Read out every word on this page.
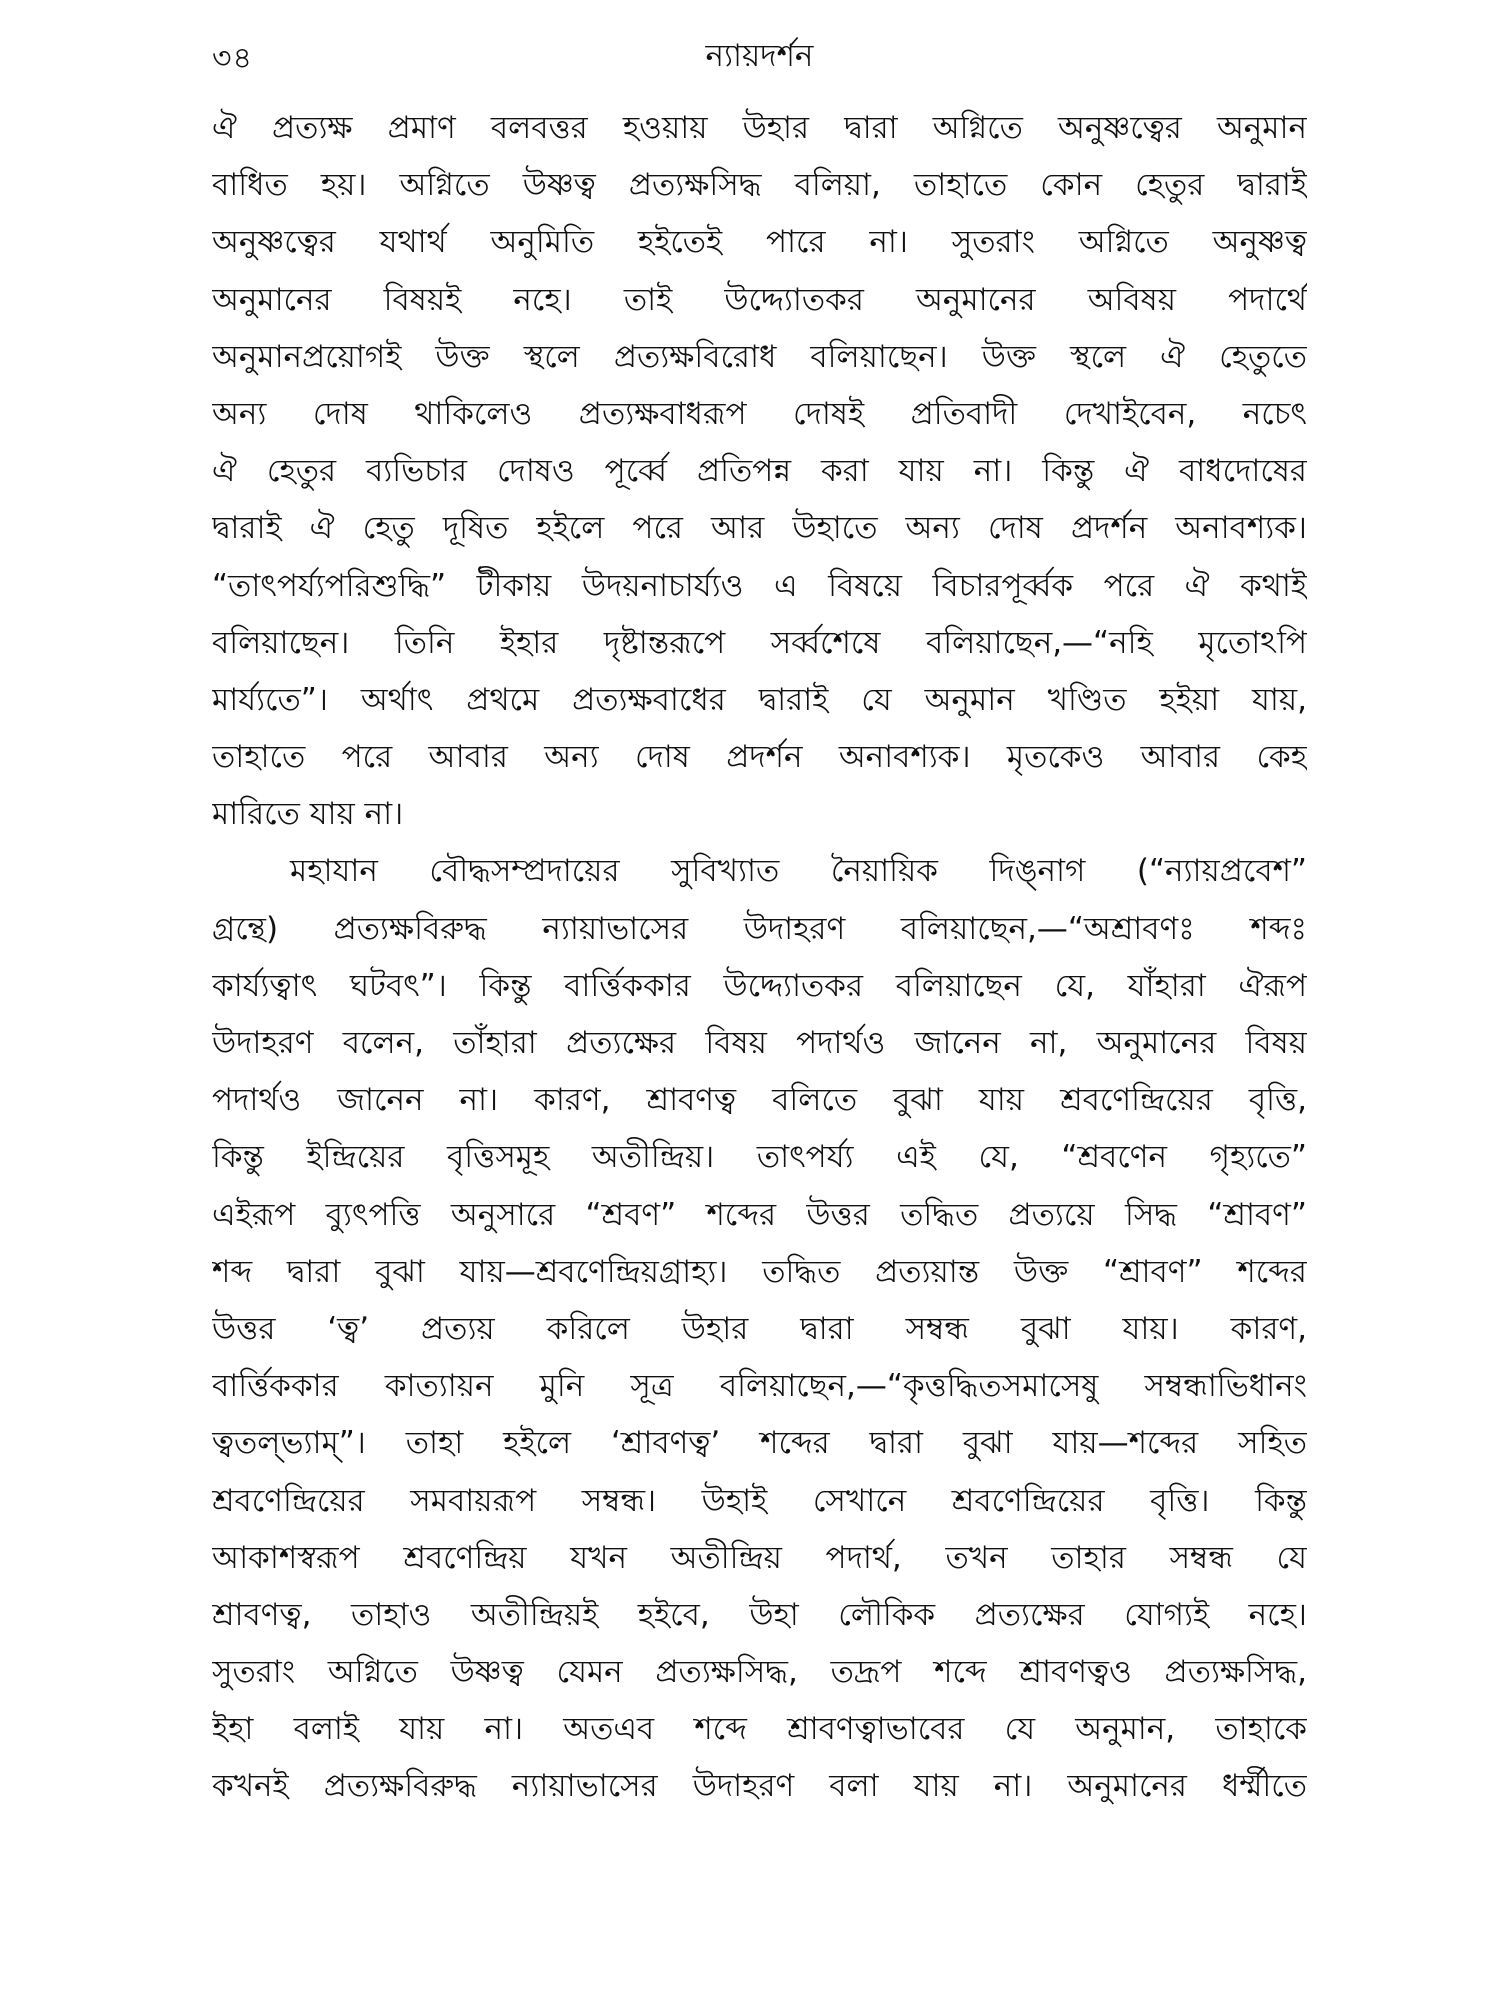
৩৪	ন্যায়দর্শন
ঐ প্রত্যক্ষ প্রমাণ বলবত্তর হওয়ায় উহার দ্বারা অগ্নিতে অনুষ্ণত্বের অনুমান
বাধিত হয়। অগ্নিতে উষ্ণত্ব প্রত্যক্ষসিদ্ধ বলিয়া, তাহাতে কোন হেতুর দ্বারাই
অনুষ্ণত্বের যথার্থ অনুমিতি হইতেই পারে না। সুতরাং অগ্নিতে অনুষ্ণত্ব
অনুমানের বিষয়ই নহে। তাই উদ্দ্যোতকর অনুমানের অবিষয় পদার্থে
অনুমানপ্রয়োগই উক্ত স্থলে প্রত্যক্ষবিরোধ বলিয়াছেন। উক্ত স্থলে ঐ হেতুতে
অন্য দোষ থাকিলেও প্রত্যক্ষবাধরূপ দোষই প্রতিবাদী দেখাইবেন, নচেৎ
ঐ হেতুর ব্যভিচার দোষও পূর্ব্বে প্রতিপন্ন করা যায় না। কিন্তু ঐ বাধদোষের
দ্বারাই ঐ হেতু দূষিত হইলে পরে আর উহাতে অন্য দোষ প্রদর্শন অনাবশ্যক।
“তাৎপর্য্যপরিশুদ্ধি” টীকায় উদয়নাচার্য্যও এ বিষয়ে বিচারপূর্ব্বক পরে ঐ কথাই
বলিয়াছেন। তিনি ইহার দৃষ্টান্তরূপে সর্ব্বশেষে বলিয়াছেন,—“নহি মৃতোঽপি
মার্য্যতে”। অর্থাৎ প্রথমে প্রত্যক্ষবাধের দ্বারাই যে অনুমান খণ্ডিত হইয়া যায়,
তাহাতে পরে আবার অন্য দোষ প্রদর্শন অনাবশ্যক। মৃতকেও আবার কেহ
মারিতে যায় না।
মহাযান বৌদ্ধসম্প্রদায়ের সুবিখ্যাত নৈয়ায়িক দিঙ্‌নাগ (“ন্যায়প্রবেশ”
গ্রন্থে) প্রত্যক্ষবিরুদ্ধ ন্যায়াভাসের উদাহরণ বলিয়াছেন,—“অশ্রাবণঃ শব্দঃ
কার্য্যত্বাৎ ঘটবৎ”। কিন্তু বার্ত্তিককার উদ্দ্যোতকর বলিয়াছেন যে, যাঁহারা ঐরূপ
উদাহরণ বলেন, তাঁহারা প্রত্যক্ষের বিষয় পদার্থও জানেন না, অনুমানের বিষয়
পদার্থও জানেন না। কারণ, শ্রাবণত্ব বলিতে বুঝা যায় শ্রবণেন্দ্রিয়ের বৃত্তি,
কিন্তু ইন্দ্রিয়ের বৃত্তিসমূহ অতীন্দ্রিয়। তাৎপর্য্য এই যে, “শ্রবণেন গৃহ্যতে”
এইরূপ ব্যুৎপত্তি অনুসারে “শ্রবণ” শব্দের উত্তর তদ্ধিত প্রত্যয়ে সিদ্ধ “শ্রাবণ”
শব্দ দ্বারা বুঝা যায়—শ্রবণেন্দ্রিয়গ্রাহ্য। তদ্ধিত প্রত্যয়ান্ত উক্ত “শ্রাবণ” শব্দের
উত্তর ‘ত্ব’ প্রত্যয় করিলে উহার দ্বারা সম্বন্ধ বুঝা যায়। কারণ,
বার্ত্তিককার কাত্যায়ন মুনি সূত্র বলিয়াছেন,—“কৃত্তদ্ধিতসমাসেষু সম্বন্ধাভিধানং
ত্বতল্‌ভ্যাম্‌”। তাহা হইলে ‘শ্রাবণত্ব’ শব্দের দ্বারা বুঝা যায়—শব্দের সহিত
শ্রবণেন্দ্রিয়ের সমবায়রূপ সম্বন্ধ। উহাই সেখানে শ্রবণেন্দ্রিয়ের বৃত্তি। কিন্তু
আকাশস্বরূপ শ্রবণেন্দ্রিয় যখন অতীন্দ্রিয় পদার্থ, তখন তাহার সম্বন্ধ যে
শ্রাবণত্ব, তাহাও অতীন্দ্রিয়ই হইবে, উহা লৌকিক প্রত্যক্ষের যোগ্যই নহে।
সুতরাং অগ্নিতে উষ্ণত্ব যেমন প্রত্যক্ষসিদ্ধ, তদ্রূপ শব্দে শ্রাবণত্বও প্রত্যক্ষসিদ্ধ,
ইহা বলাই যায় না। অতএব শব্দে শ্রাবণত্বাভাবের যে অনুমান, তাহাকে
কখনই প্রত্যক্ষবিরুদ্ধ ন্যায়াভাসের উদাহরণ বলা যায় না। অনুমানের ধর্ম্মীতে
